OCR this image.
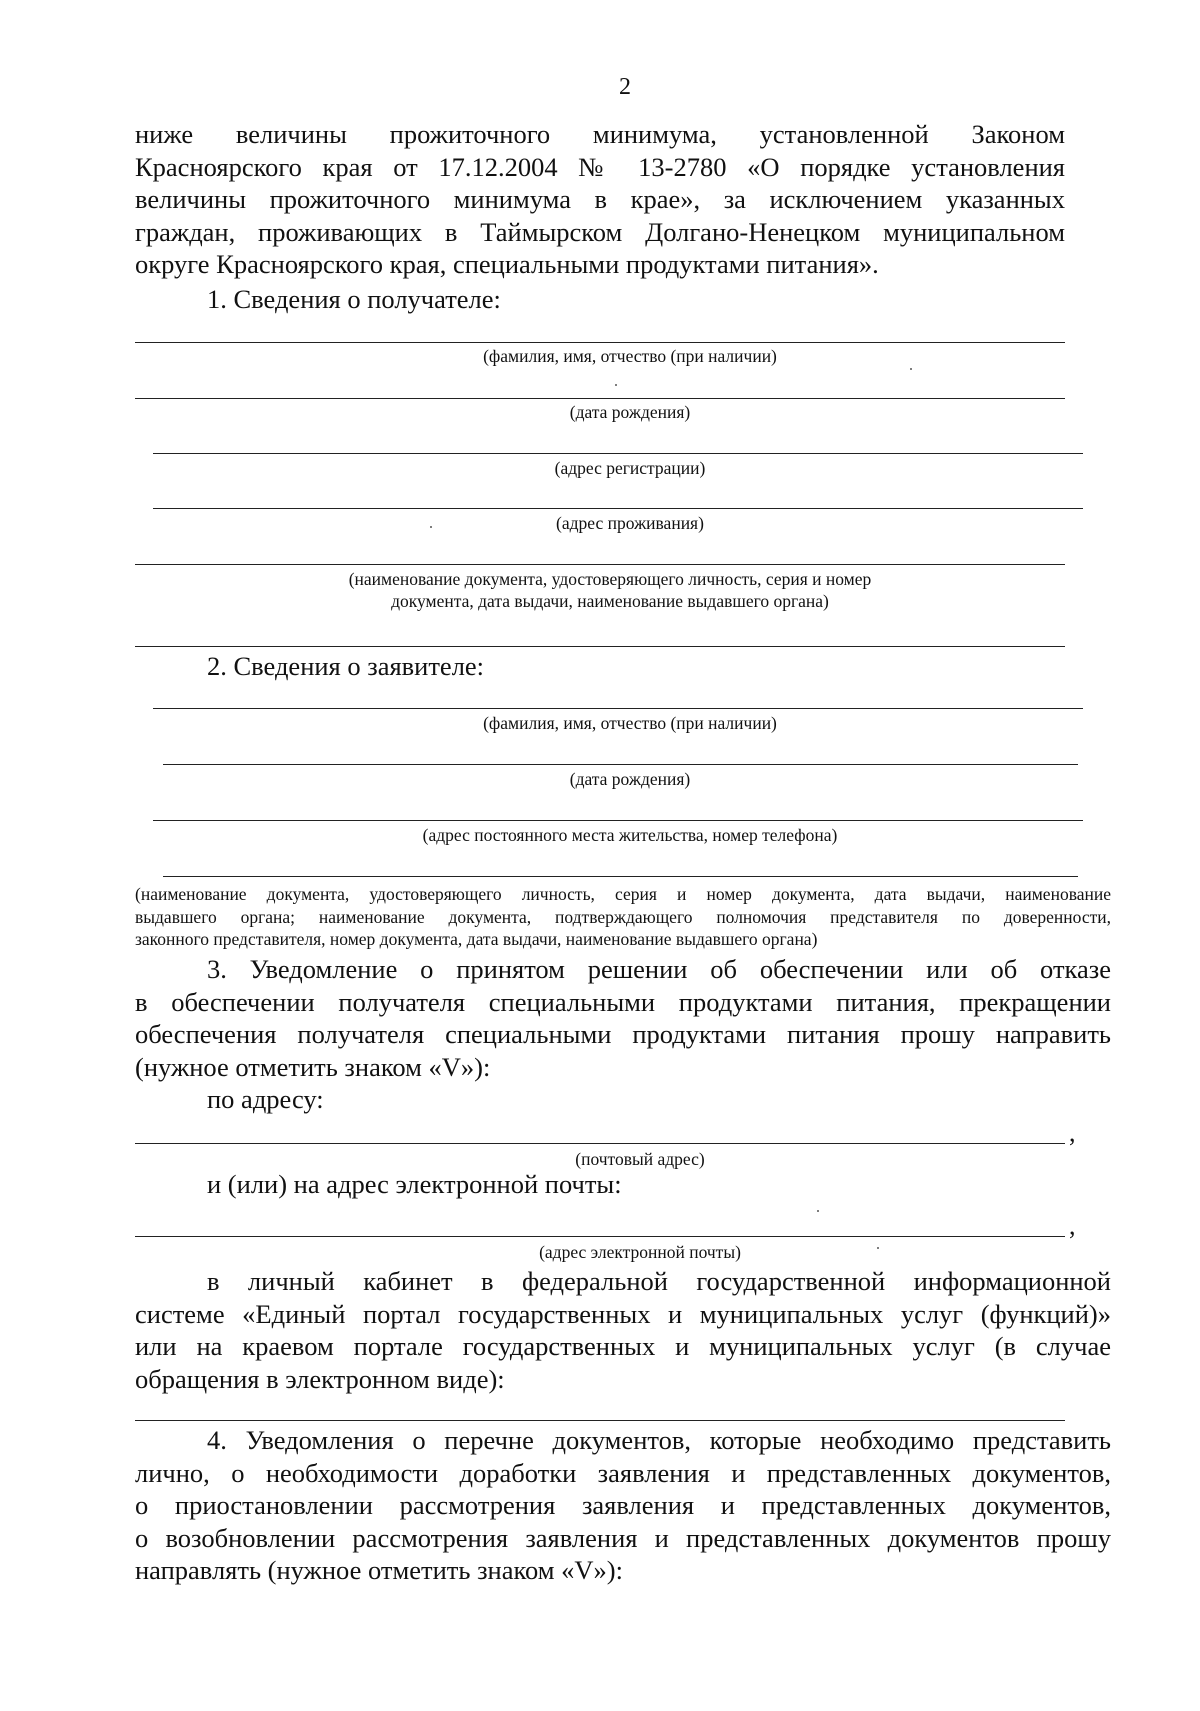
2
ниже величины прожиточного минимума, установленной Законом
Красноярского края от 17.12.2004 № 13-2780 «О порядке установления
величины прожиточного минимума в крае», за исключением указанных
граждан, проживающих в Таймырском Долгано-Ненецком муниципальном
округе Красноярского края, специальными продуктами питания».
1. Сведения о получателе:
(фамилия, имя, отчество (при наличии)
(дата рождения)
(адрес регистрации)
(адрес проживания)
(наименование документа, удостоверяющего личность, серия и номер
документа, дата выдачи, наименование выдавшего органа)
2. Сведения о заявителе:
(фамилия, имя, отчество (при наличии)
(дата рождения)
(адрес постоянного места жительства, номер телефона)
(наименование документа, удостоверяющего личность, серия и номер документа, дата выдачи, наименование
выдавшего органа; наименование документа, подтверждающего полномочия представителя по доверенности,
законного представителя, номер документа, дата выдачи, наименование выдавшего органа)
3. Уведомление о принятом решении об обеспечении или об отказе
в обеспечении получателя специальными продуктами питания, прекращении
обеспечения получателя специальными продуктами питания прошу направить
(нужное отметить знаком «V»):
по адресу:
,
(почтовый адрес)
и (или) на адрес электронной почты:
,
(адрес электронной почты)
в личный кабинет в федеральной государственной информационной
системе «Единый портал государственных и муниципальных услуг (функций)»
или на краевом портале государственных и муниципальных услуг (в случае
обращения в электронном виде):
4. Уведомления о перечне документов, которые необходимо представить
лично, о необходимости доработки заявления и представленных документов,
о приостановлении рассмотрения заявления и представленных документов,
о возобновлении рассмотрения заявления и представленных документов прошу
направлять (нужное отметить знаком «V»):
